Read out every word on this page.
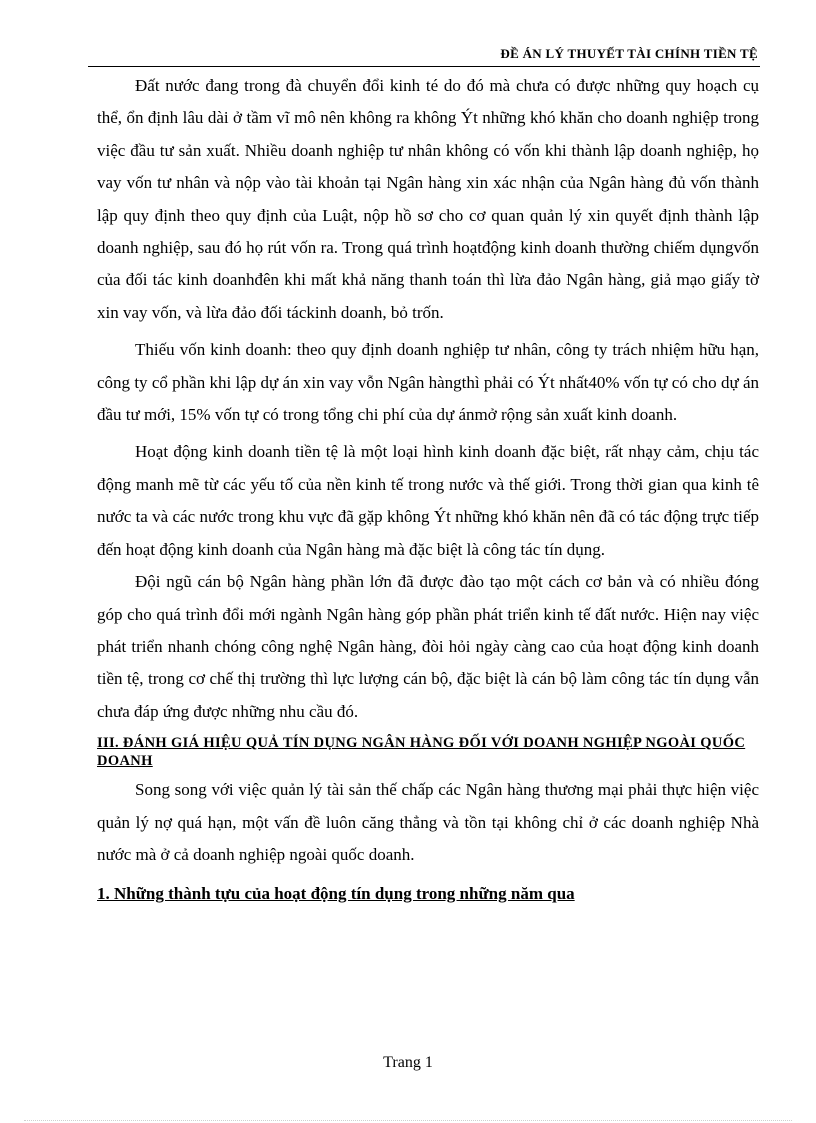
ĐỀ ÁN LÝ THUYẾT TÀI CHÍNH TIỀN TỆ

Đất nước đang trong đà chuyển đổi kinh té do đó mà chưa có được những quy hoạch cụ thể, ổn định lâu dài ở tầm vĩ mô nên không ra không Ýt những khó khăn cho doanh nghiệp trong việc đầu tư sản xuất. Nhiều doanh nghiệp tư nhân không có vốn khi thành lập doanh nghiệp, họ vay vốn tư nhân và nộp vào tài khoản tại Ngân hàng xin xác nhận của Ngân hàng đủ vốn thành lập quy định theo quy định của Luật, nộp hồ sơ cho cơ quan quản lý xin quyết định thành lập doanh nghiệp, sau đó họ rút vốn ra. Trong quá trình hoạtđộng kinh doanh thường chiếm dụngvốn của đối tác kinh doanhđên khi mất khả năng thanh toán thì lừa đảo Ngân hàng, giả mạo giấy tờ xin vay vốn, và lừa đảo đối táckinh doanh, bỏ trốn.

Thiếu vốn kinh doanh: theo quy định doanh nghiệp tư nhân, công ty trách nhiệm hữu hạn, công ty cổ phần khi lập dự án xin vay vỗn Ngân hàngthì phải có Ýt nhất40% vốn tự có cho dự án đầu tư mới, 15% vốn tự có trong tổng chi phí của dự ánmở rộng sản xuất kinh doanh.

Hoạt động kinh doanh tiền tệ là một loại hình kinh doanh đặc biệt, rất nhạy cảm, chịu tác động manh mẽ từ các yếu tố của nền kinh tế trong nước và thế giới. Trong thời gian qua kinh tê nước ta và các nước trong khu vực đã gặp không Ýt những khó khăn nên đã có tác động trực tiếp đến hoạt động kinh doanh của Ngân hàng mà đặc biệt là công tác tín dụng.

Đội ngũ cán bộ Ngân hàng phần lớn đã được đào tạo một cách cơ bản và có nhiều đóng góp cho quá trình đổi mới ngành Ngân hàng góp phần phát triển kinh tế đất nước. Hiện nay việc phát triển nhanh chóng công nghệ Ngân hàng, đòi hỏi ngày càng cao của hoạt động kinh doanh tiền tệ, trong cơ chế thị trường thì lực lượng cán bộ, đặc biệt là cán bộ làm công tác tín dụng vẫn chưa đáp ứng được những nhu cầu đó.

III. ĐÁNH GIÁ HIỆU QUẢ TÍN DỤNG NGÂN HÀNG ĐỐI VỚI DOANH NGHIỆP NGOÀI QUỐC DOANH

Song song với việc quản lý tài sản thế chấp các Ngân hàng thương mại phải thực hiện việc quản lý nợ quá hạn, một vấn đề luôn căng thẳng và tồn tại không chỉ ở các doanh nghiệp Nhà nước mà ở cả doanh nghiệp ngoài quốc doanh.

1. Những thành tựu của hoạt động tín dụng trong những năm qua
Trang 1
